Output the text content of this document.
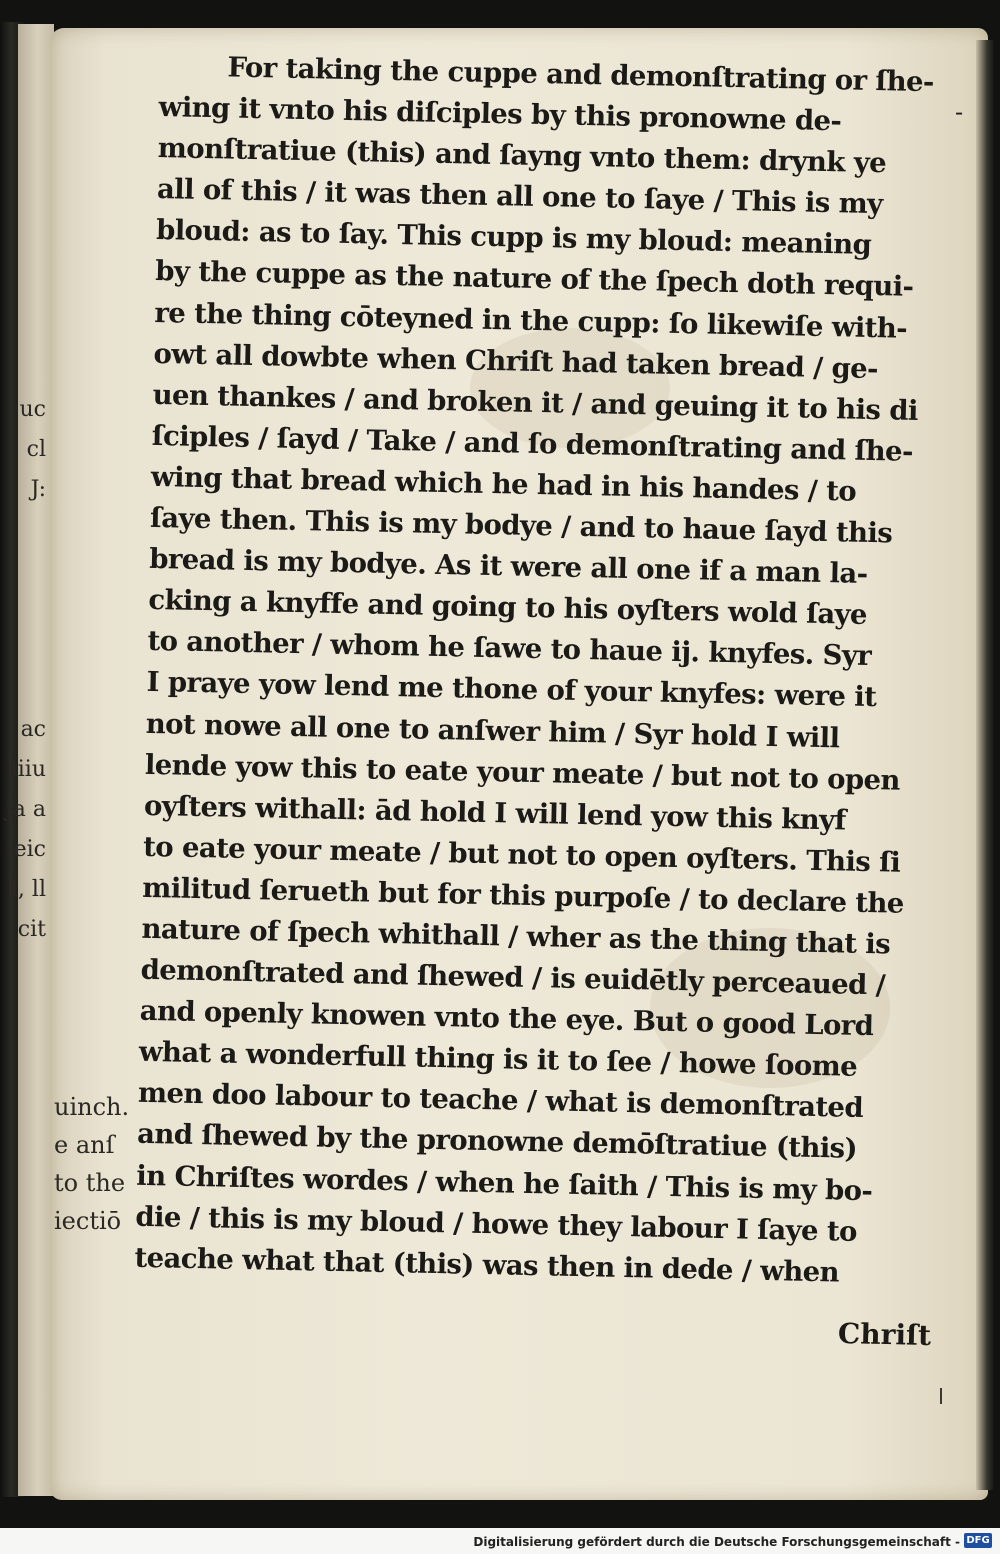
uc
cl
J:
ac
iiiu
ja a
ieic
l, ll
cit
For taking the cuppe and demonſtrating or ſhe-
wing it vnto his diſciples by this pronowne de-
monſtratiue (this) and ſayng vnto them: drynk ye
all of this / it was then all one to ſaye / This is my
bloud: as to ſay. This cupp is my bloud: meaning
by the cuppe as the nature of the ſpech doth requi-
re the thing cōteyned in the cupp: ſo likewiſe with-
owt all dowbte when Chriſt had taken bread / ge-
uen thankes / and broken it / and geuing it to his di
ſciples / ſayd / Take / and ſo demonſtrating and ſhe-
wing that bread which he had in his handes / to
ſaye then. This is my bodye / and to haue ſayd this
bread is my bodye. As it were all one if a man la-
cking a knyffe and going to his oyſters wold ſaye
to another / whom he ſawe to haue ij. knyfes. Syr
I praye yow lend me thone of your knyfes: were it
not nowe all one to anſwer him / Syr hold I will
lende yow this to eate your meate / but not to open
oyſters withall: ād hold I will lend yow this knyf
to eate your meate / but not to open oyſters. This ſi
militud ſerueth but for this purpoſe / to declare the
nature of ſpech whithall / wher as the thing that is
demonſtrated and ſhewed / is euidētly perceaued /
and openly knowen vnto the eye. But o good Lord
what a wonderfull thing is it to ſee / howe ſoome
men doo labour to teache / what is demonſtrated
and ſhewed by the pronowne demōſtratiue (this)
in Chriſtes wordes / when he ſaith / This is my bo-
die / this is my bloud / howe they labour I ſaye to
teache what that (this) was then in dede / when
Chriſt
-
uinch.
e anſ
to the
iectiō
Digitalisierung gefördert durch die Deutsche Forschungsgemeinschaft - DFG
